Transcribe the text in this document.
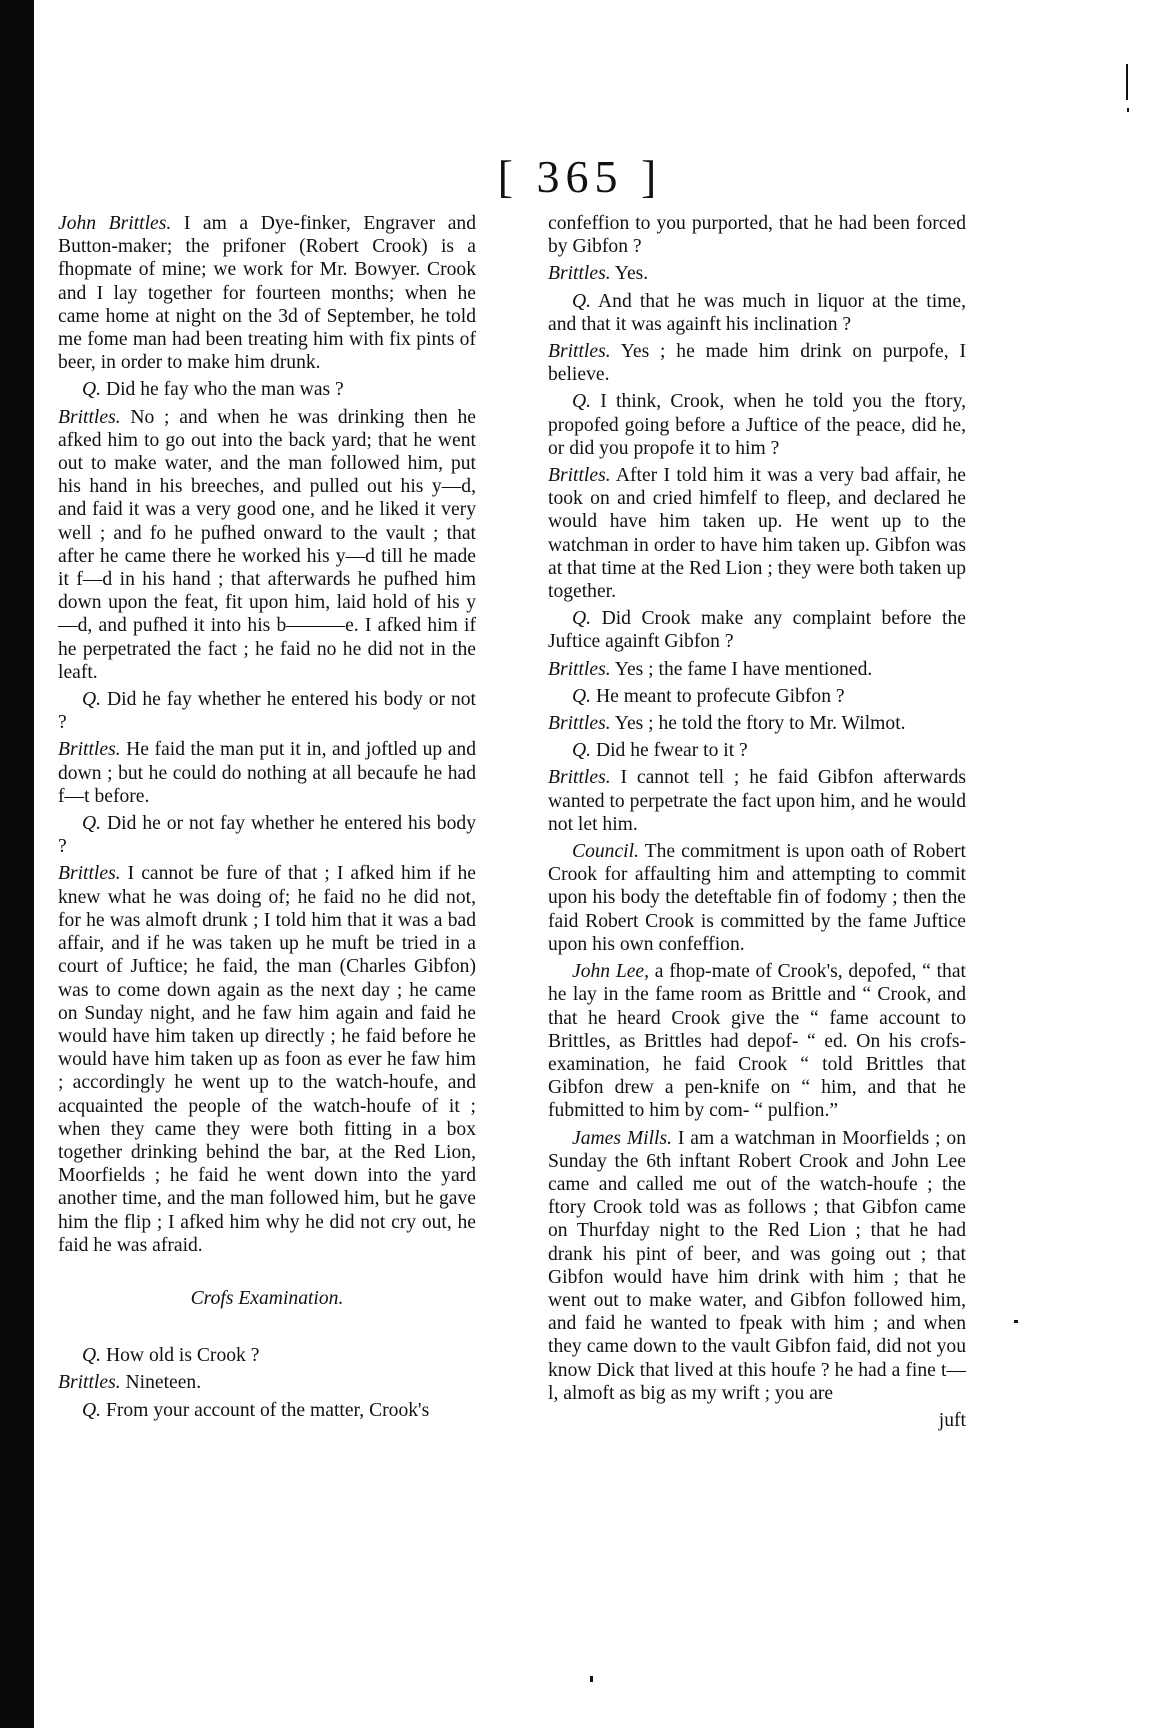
[ 365 ]

John Brittles. I am a Dye-finker, Engraver and Button-maker; the prifoner (Robert Crook) is a fhopmate of mine; we work for Mr. Bowyer. Crook and I lay together for fourteen months; when he came home at night on the 3d of September, he told me fome man had been treating him with fix pints of beer, in order to make him drunk.

Q. Did he fay who the man was ?

Brittles. No ; and when he was drinking then he afked him to go out into the back yard; that he went out to make water, and the man followed him, put his hand in his breeches, and pulled out his y—d, and faid it was a very good one, and he liked it very well ; and fo he pufhed onward to the vault ; that after he came there he worked his y—d till he made it f—d in his hand ; that afterwards he pufhed him down upon the feat, fit upon him, laid hold of his y—d, and pufhed it into his b———e. I afked him if he perpetrated the fact ; he faid no he did not in the leaft.

Q. Did he fay whether he entered his body or not ?

Brittles. He faid the man put it in, and joftled up and down ; but he could do nothing at all becaufe he had f—t before.

Q. Did he or not fay whether he entered his body ?

Brittles. I cannot be fure of that ; I afked him if he knew what he was doing of; he faid no he did not, for he was almoft drunk ; I told him that it was a bad affair, and if he was taken up he muft be tried in a court of Juftice; he faid, the man (Charles Gibfon) was to come down again as the next day ; he came on Sunday night, and he faw him again and faid he would have him taken up directly ; he faid before he would have him taken up as foon as ever he faw him ; accordingly he went up to the watch-houfe, and acquainted the people of the watch-houfe of it ; when they came they were both fitting in a box together drinking behind the bar, at the Red Lion, Moorfields ; he faid he went down into the yard another time, and the man followed him, but he gave him the flip ; I afked him why he did not cry out, he faid he was afraid.

Crofs Examination.

Q. How old is Crook ?

Brittles. Nineteen.

Q. From your account of the matter, Crook's

confeffion to you purported, that he had been forced by Gibfon ?

Brittles. Yes.

Q. And that he was much in liquor at the time, and that it was againft his inclination ?

Brittles. Yes ; he made him drink on purpofe, I believe.

Q. I think, Crook, when he told you the ftory, propofed going before a Juftice of the peace, did he, or did you propofe it to him ?

Brittles. After I told him it was a very bad affair, he took on and cried himfelf to fleep, and declared he would have him taken up. He went up to the watchman in order to have him taken up. Gibfon was at that time at the Red Lion ; they were both taken up together.

Q. Did Crook make any complaint before the Juftice againft Gibfon ?

Brittles. Yes ; the fame I have mentioned.

Q. He meant to profecute Gibfon ?

Brittles. Yes ; he told the ftory to Mr. Wilmot.

Q. Did he fwear to it ?

Brittles. I cannot tell ; he faid Gibfon afterwards wanted to perpetrate the fact upon him, and he would not let him.

Council. The commitment is upon oath of Robert Crook for affaulting him and attempting to commit upon his body the deteftable fin of fodomy ; then the faid Robert Crook is committed by the fame Juftice upon his own confeffion.

John Lee, a fhop-mate of Crook's, depofed, “ that he lay in the fame room as Brittle and “ Crook, and that he heard Crook give the “ fame account to Brittles, as Brittles had depof- “ ed. On his crofs-examination, he faid Crook “ told Brittles that Gibfon drew a pen-knife on “ him, and that he fubmitted to him by com- “ pulfion.”

James Mills. I am a watchman in Moorfields ; on Sunday the 6th inftant Robert Crook and John Lee came and called me out of the watch-houfe ; the ftory Crook told was as follows ; that Gibfon came on Thurfday night to the Red Lion ; that he had drank his pint of beer, and was going out ; that Gibfon would have him drink with him ; that he went out to make water, and Gibfon followed him, and faid he wanted to fpeak with him ; and when they came down to the vault Gibfon faid, did not you know Dick that lived at this houfe ? he had a fine t—l, almoft as big as my wrift ; you are

juft
